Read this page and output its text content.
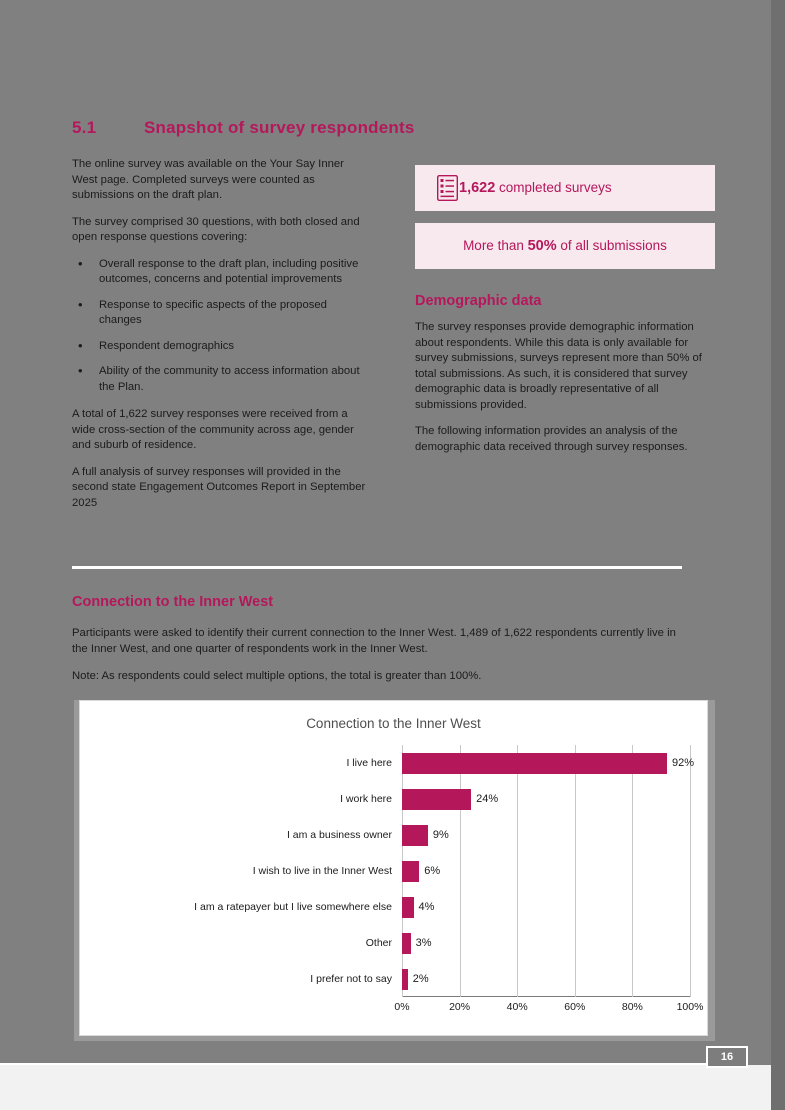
5.1	Snapshot of survey respondents

The online survey was available on the Your Say Inner West page. Completed surveys were counted as submissions on the draft plan.

The survey comprised 30 questions, with both closed and open response questions covering:

• Overall response to the draft plan, including positive outcomes, concerns and potential improvements
• Response to specific aspects of the proposed changes
• Respondent demographics
• Ability of the community to access information about the Plan.

A total of 1,622 survey responses were received from a wide cross-section of the community across age, gender and suburb of residence.

A full analysis of survey responses will provided in the second state Engagement Outcomes Report in September 2025

1,622 completed surveys
More than 50% of all submissions
Demographic data

The survey responses provide demographic information about respondents. While this data is only available for survey submissions, surveys represent more than 50% of total submissions. As such, it is considered that survey demographic data is broadly representative of all submissions provided.

The following information provides an analysis of the demographic data received through survey responses.

Connection to the Inner West

Participants were asked to identify their current connection to the Inner West. 1,489 of 1,622 respondents currently live in the Inner West, and one quarter of respondents work in the Inner West.

Note: As respondents could select multiple options, the total is greater than 100%.

Connection to the Inner West
I live here
I work here
I am a business owner
I wish to live in the Inner West
I am a ratepayer but I live somewhere else
Other
I prefer not to say
0%	20%	40%	60%	80%	100%
92%
24%
9%
6%
4%
3%
2%
16
